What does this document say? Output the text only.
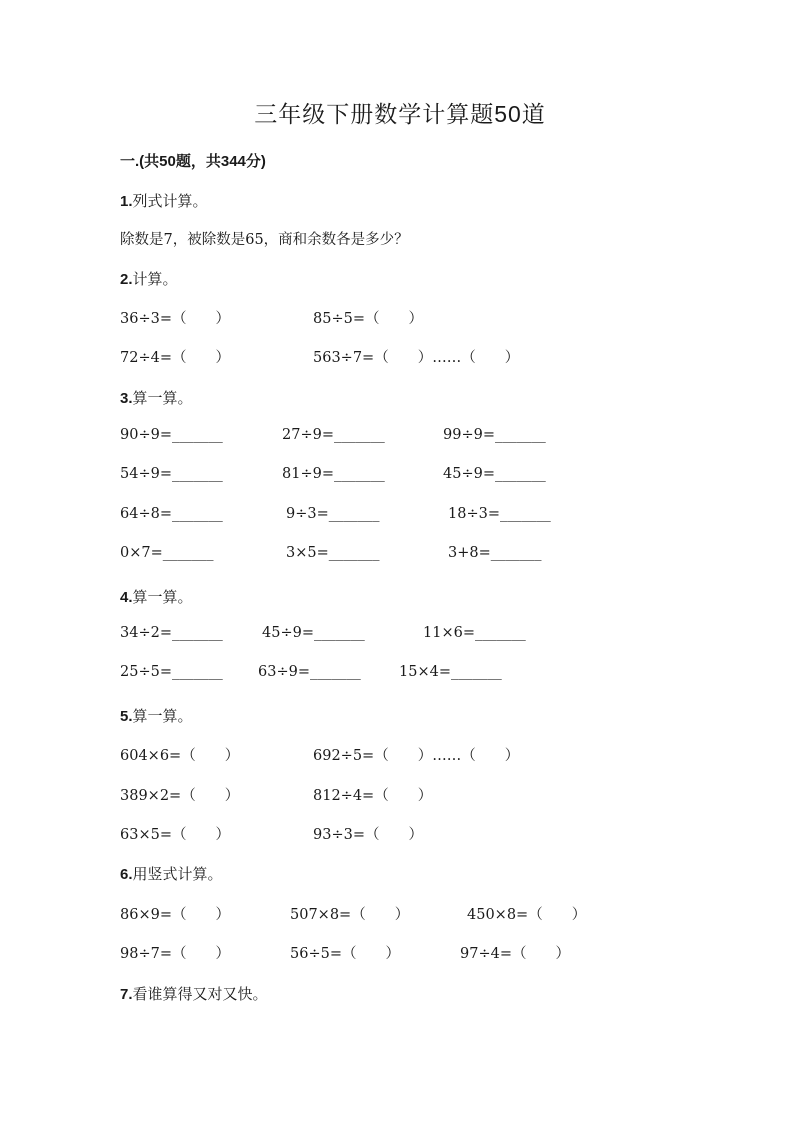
三年级下册数学计算题50道
一.(共50题，共344分)
1.列式计算。
除数是7，被除数是65，商和余数各是多少？
2.计算。
36÷3=（　　）	85÷5=（　　）
72÷4=（　　）	563÷7=（　　）……（　　）
3.算一算。
90÷9=_______	27÷9=_______	99÷9=_______
54÷9=_______	81÷9=_______	45÷9=_______
64÷8=_______	9÷3=_______	18÷3=_______
0×7=_______	3×5=_______	3+8=_______
4.算一算。
34÷2=_______	45÷9=_______	11×6=_______
25÷5=_______ 63÷9=_______	15×4=_______
5.算一算。
604×6=（　　）	692÷5=（　　）……（　　）
389×2=（　　）	812÷4=（　　）
63×5=（　　）	93÷3=（　　）
6.用竖式计算。
86×9=（　　）	507×8=（　　）	450×8=（　　）
98÷7=（　　）	56÷5=（　　）	97÷4=（　　）
7.看谁算得又对又快。
